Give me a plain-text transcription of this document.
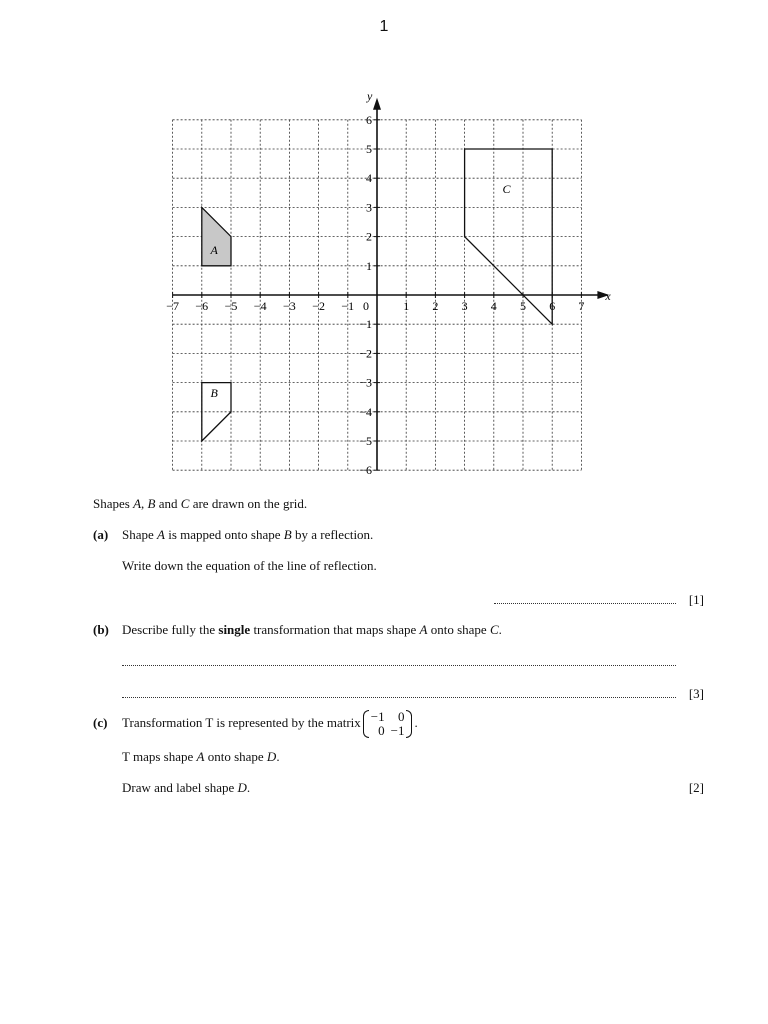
1
x
y
0
−7 −6 −5 −4 −3 −2 −1	1 2 3 4 5 6 7
6
5
4
3
2
1
−1
−2
−3
−4
−5
−6
A
B
C
Shapes A, B and C are drawn on the grid.
(a) Shape A is mapped onto shape B by a reflection.
Write down the equation of the line of reflection.
[1]
(b) Describe fully the single transformation that maps shape A onto shape C.
[3]
(c) Transformation T is represented by the matrix −1	0
0	−1
.
T maps shape A onto shape D.
Draw and label shape D.	[2]
